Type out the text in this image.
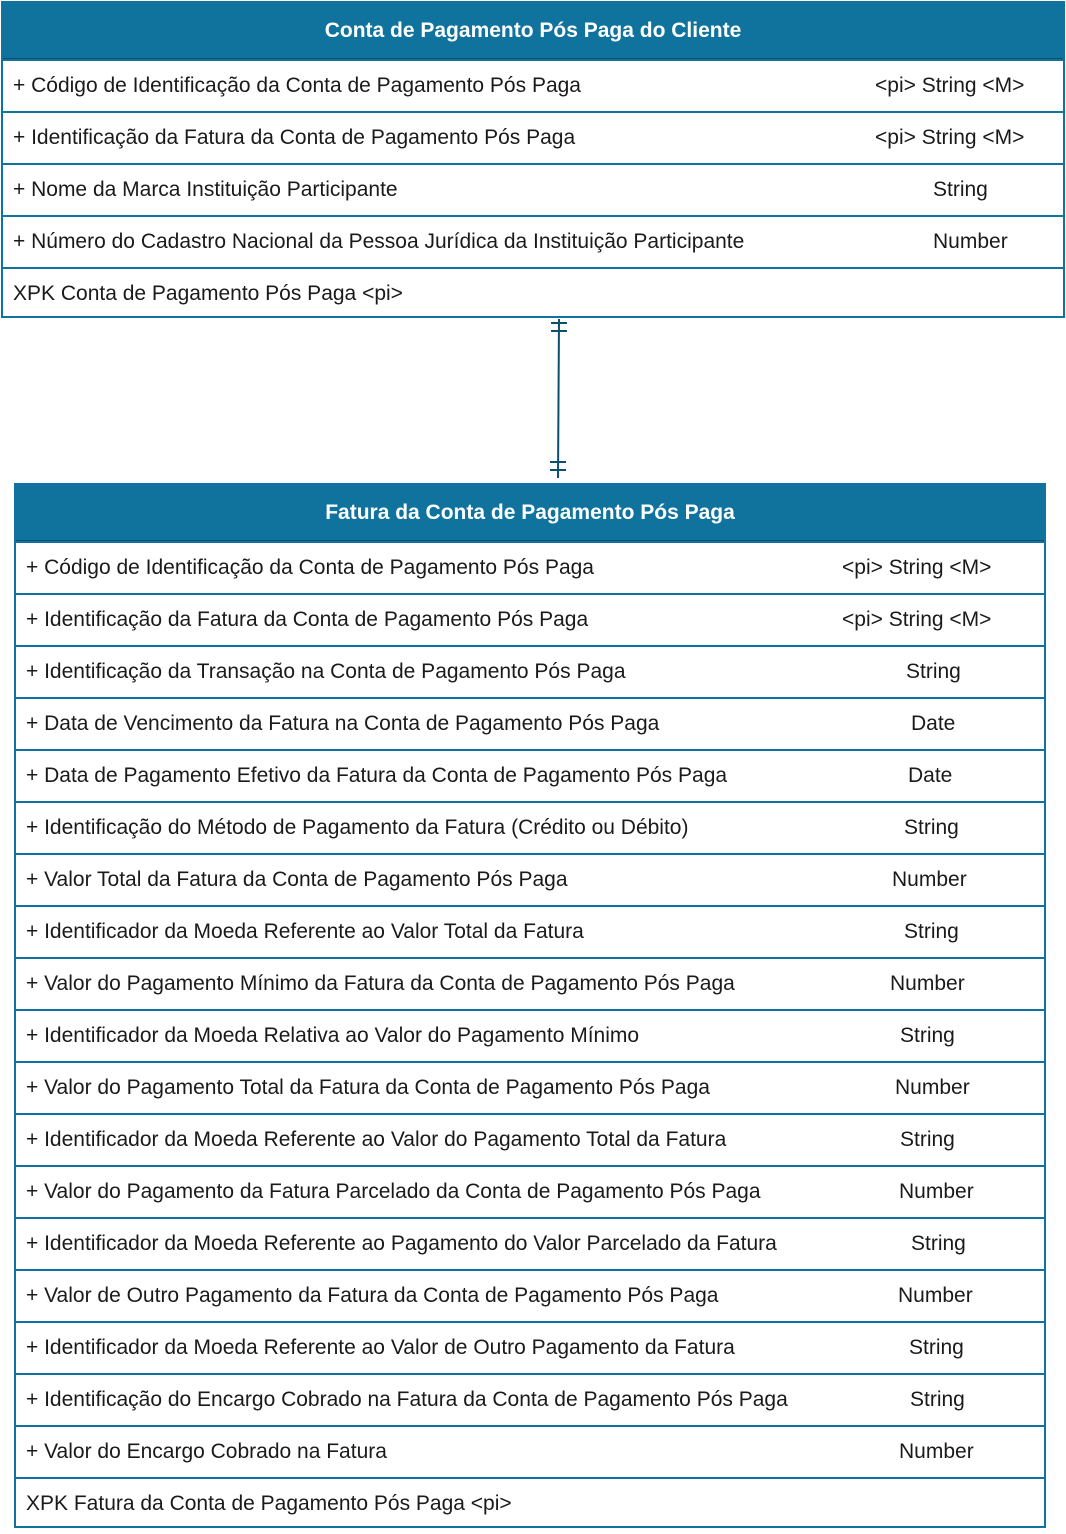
Conta de Pagamento Pós Paga do Cliente
+ Código de Identificação da Conta de Pagamento Pós Paga	<pi> String <M>
+ Identificação da Fatura da Conta de Pagamento Pós Paga	<pi> String <M>
+ Nome da Marca Instituição Participante	String
+ Número do Cadastro Nacional da Pessoa Jurídica da Instituição Participante	Number
XPK Conta de Pagamento Pós Paga <pi>
Fatura da Conta de Pagamento Pós Paga
+ Código de Identificação da Conta de Pagamento Pós Paga	<pi> String <M>
+ Identificação da Fatura da Conta de Pagamento Pós Paga	<pi> String <M>
+ Identificação da Transação na Conta de Pagamento Pós Paga	String
+ Data de Vencimento da Fatura na Conta de Pagamento Pós Paga	Date
+ Data de Pagamento Efetivo da Fatura da Conta de Pagamento Pós Paga	Date
+ Identificação do Método de Pagamento da Fatura (Crédito ou Débito)	String
+ Valor Total da Fatura da Conta de Pagamento Pós Paga	Number
+ Identificador da Moeda Referente ao Valor Total da Fatura	String
+ Valor do Pagamento Mínimo da Fatura da Conta de Pagamento Pós Paga	Number
+ Identificador da Moeda Relativa ao Valor do Pagamento Mínimo	String
+ Valor do Pagamento Total da Fatura da Conta de Pagamento Pós Paga	Number
+ Identificador da Moeda Referente ao Valor do Pagamento Total da Fatura	String
+ Valor do Pagamento da Fatura Parcelado da Conta de Pagamento Pós Paga	Number
+ Identificador da Moeda Referente ao Pagamento do Valor Parcelado da Fatura	String
+ Valor de Outro Pagamento da Fatura da Conta de Pagamento Pós Paga	Number
+ Identificador da Moeda Referente ao Valor de Outro Pagamento da Fatura	String
+ Identificação do Encargo Cobrado na Fatura da Conta de Pagamento Pós Paga	String
+ Valor do Encargo Cobrado na Fatura	Number
XPK Fatura da Conta de Pagamento Pós Paga <pi>
